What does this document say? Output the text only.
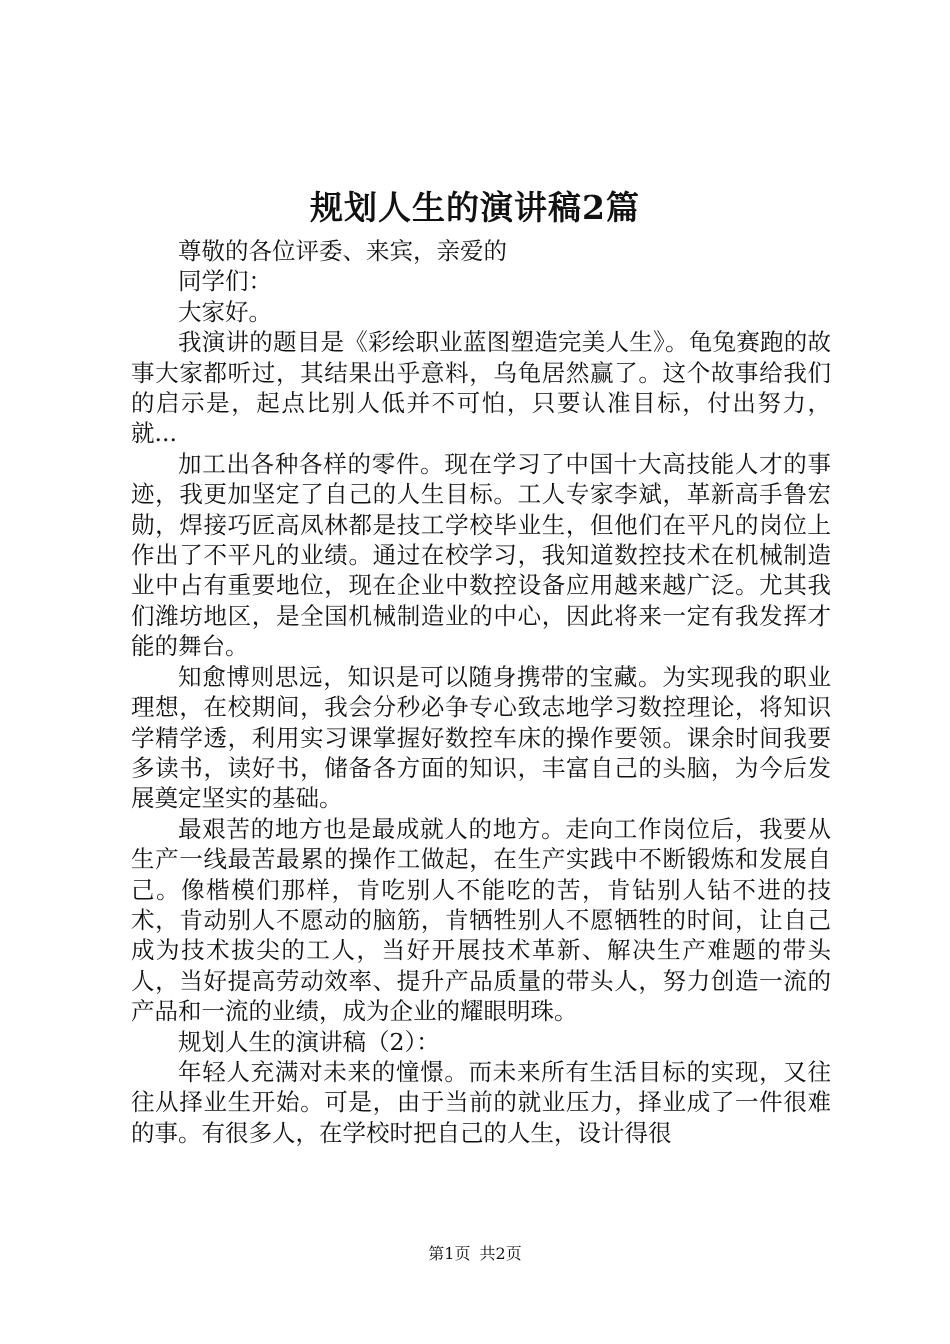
规划人生的演讲稿2篇

尊敬的各位评委、来宾，亲爱的

同学们：

大家好。

我演讲的题目是《彩绘职业蓝图塑造完美人生》。龟兔赛跑的故事大家都听过，其结果出乎意料，乌龟居然赢了。这个故事给我们的启示是，起点比别人低并不可怕，只要认准目标，付出努力，就...

加工出各种各样的零件。现在学习了中国十大高技能人才的事迹，我更加坚定了自己的人生目标。工人专家李斌，革新高手鲁宏勋，焊接巧匠高凤林都是技工学校毕业生，但他们在平凡的岗位上作出了不平凡的业绩。通过在校学习，我知道数控技术在机械制造业中占有重要地位，现在企业中数控设备应用越来越广泛。尤其我们潍坊地区，是全国机械制造业的中心，因此将来一定有我发挥才能的舞台。

知愈博则思远，知识是可以随身携带的宝藏。为实现我的职业理想，在校期间，我会分秒必争专心致志地学习数控理论，将知识学精学透，利用实习课掌握好数控车床的操作要领。课余时间我要多读书，读好书，储备各方面的知识，丰富自己的头脑，为今后发展奠定坚实的基础。

最艰苦的地方也是最成就人的地方。走向工作岗位后，我要从生产一线最苦最累的操作工做起，在生产实践中不断锻炼和发展自己。像楷模们那样，肯吃别人不能吃的苦，肯钻别人钻不进的技术，肯动别人不愿动的脑筋，肯牺牲别人不愿牺牲的时间，让自己成为技术拔尖的工人，当好开展技术革新、解决生产难题的带头人，当好提高劳动效率、提升产品质量的带头人，努力创造一流的产品和一流的业绩，成为企业的耀眼明珠。

规划人生的演讲稿（2）：

年轻人充满对未来的憧憬。而未来所有生活目标的实现，又往往从择业生开始。可是，由于当前的就业压力，择业成了一件很难的事。有很多人，在学校时把自己的人生，设计得很

第1页 共2页
